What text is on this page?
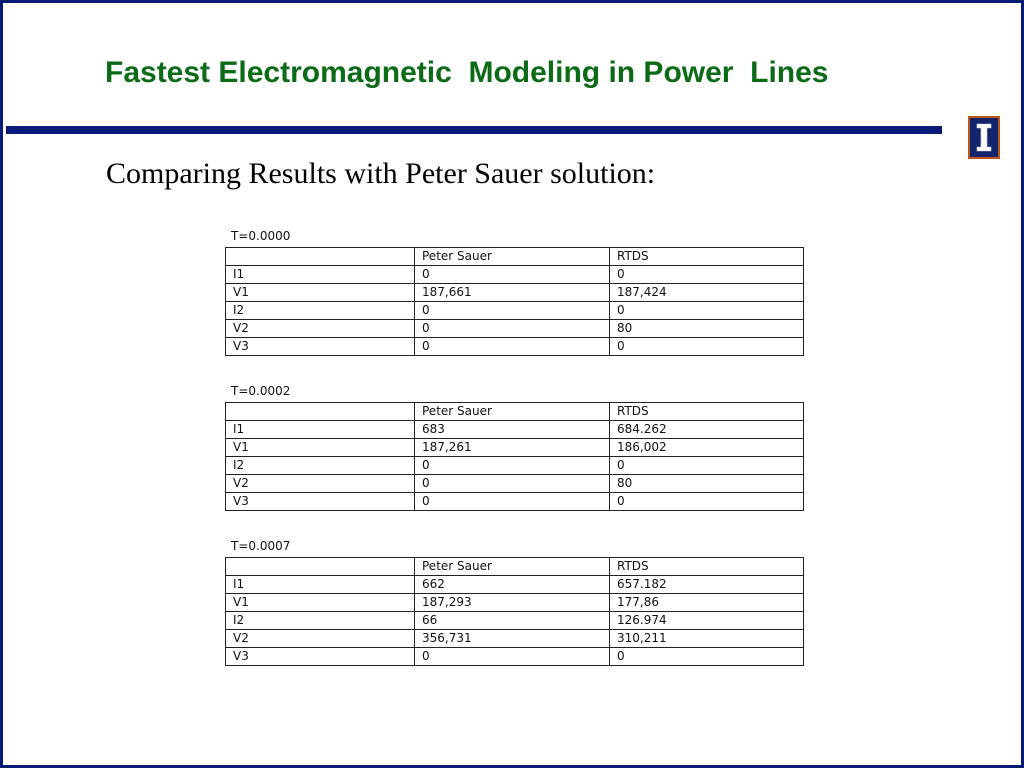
Fastest Electromagnetic  Modeling in Power  Lines
Comparing Results with Peter Sauer solution:
T=0.0000
	Peter Sauer	RTDS
I1	0	0
V1	187,661	187,424
I2	0	0
V2	0	80
V3	0	0
T=0.0002
	Peter Sauer	RTDS
I1	683	684.262
V1	187,261	186,002
I2	0	0
V2	0	80
V3	0	0
T=0.0007
	Peter Sauer	RTDS
I1	662	657.182
V1	187,293	177,86
I2	66	126.974
V2	356,731	310,211
V3	0	0
